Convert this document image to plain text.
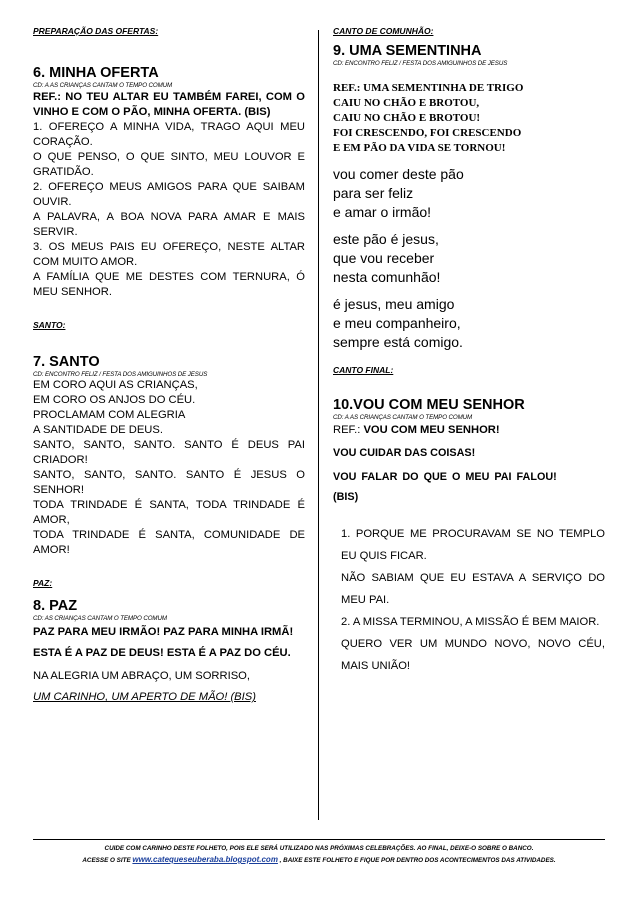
PREPARAÇÃO DAS OFERTAS:

6. MINHA OFERTA

CD: A AS CRIANÇAS CANTAM O TEMPO COMUM

REF.: NO TEU ALTAR EU TAMBÉM FAREI, COM O VINHO E COM O PÃO, MINHA OFERTA. (BIS)

1. OFEREÇO A MINHA VIDA, TRAGO AQUI MEU CORAÇÃO.

O QUE PENSO, O QUE SINTO, MEU LOUVOR E GRATIDÃO.

2. OFEREÇO MEUS AMIGOS PARA QUE SAIBAM OUVIR.

A PALAVRA, A BOA NOVA PARA AMAR E MAIS SERVIR.

3. OS MEUS PAIS EU OFEREÇO, NESTE ALTAR COM MUITO AMOR.

A FAMÍLIA QUE ME DESTES COM TERNURA, Ó MEU SENHOR.

SANTO:

7. SANTO

CD: ENCONTRO FELIZ / FESTA DOS AMIGUINHOS DE JESUS

EM CORO AQUI AS CRIANÇAS,

EM CORO OS ANJOS DO CÉU.

PROCLAMAM COM ALEGRIA

A SANTIDADE DE DEUS.

SANTO, SANTO, SANTO. SANTO É DEUS PAI CRIADOR!

SANTO, SANTO, SANTO. SANTO É JESUS O SENHOR!

TODA TRINDADE É SANTA, TODA TRINDADE É AMOR,

TODA TRINDADE É SANTA, COMUNIDADE DE AMOR!

PAZ:

8. PAZ

CD: AS CRIANÇAS CANTAM O TEMPO COMUM

PAZ PARA MEU IRMÃO! PAZ PARA MINHA IRMÃ!

ESTA É A PAZ DE DEUS! ESTA É A PAZ DO CÉU.

NA ALEGRIA UM ABRAÇO, UM SORRISO,

UM CARINHO, UM APERTO DE MÃO! (BIS)

CANTO DE COMUNHÃO:

9. UMA SEMENTINHA

CD: ENCONTRO FELIZ / FESTA DOS AMIGUINHOS DE JESUS

REF.: UMA SEMENTINHA DE TRIGO

CAIU NO CHÃO E BROTOU,

CAIU NO CHÃO E BROTOU!

FOI CRESCENDO, FOI CRESCENDO

E EM PÃO DA VIDA SE TORNOU!

vou comer deste pão

para ser feliz

e amar o irmão!

este pão é jesus,

que vou receber

nesta comunhão!

é jesus, meu amigo

e meu companheiro,

sempre está comigo.

CANTO FINAL:

10.VOU COM MEU SENHOR

CD: A AS CRIANÇAS CANTAM O TEMPO COMUM

REF.: VOU COM MEU SENHOR!

VOU CUIDAR DAS COISAS!

VOU FALAR DO QUE O MEU PAI FALOU!

(BIS)

1. PORQUE ME PROCURAVAM SE NO TEMPLO EU QUIS FICAR.

NÃO SABIAM QUE EU ESTAVA A SERVIÇO DO MEU PAI.

2. A MISSA TERMINOU, A MISSÃO É BEM MAIOR.

QUERO VER UM MUNDO NOVO, NOVO CÉU, MAIS UNIÃO!

CUIDE COM CARINHO DESTE FOLHETO, POIS ELE SERÁ UTILIZADO NAS PRÓXIMAS CELEBRAÇÕES. AO FINAL, DEIXE-O SOBRE O BANCO.

ACESSE O SITE www.catequeseuberaba.blogspot.com , BAIXE ESTE FOLHETO E FIQUE POR DENTRO DOS ACONTECIMENTOS DAS ATIVIDADES.
